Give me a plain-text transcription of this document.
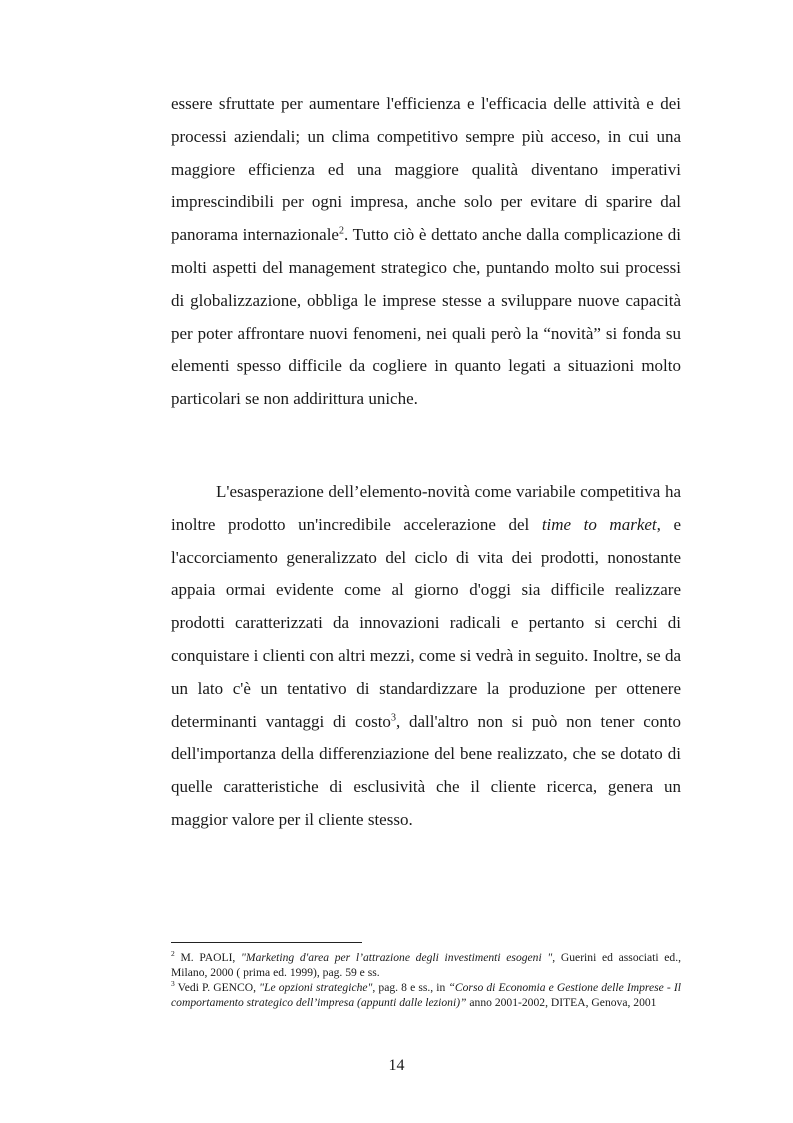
essere sfruttate per aumentare l'efficienza e l'efficacia delle attività e dei processi aziendali; un clima competitivo sempre più acceso, in cui una maggiore efficienza ed una maggiore qualità diventano imperativi imprescindibili per ogni impresa, anche solo per evitare di sparire dal panorama internazionale$^2$. Tutto ciò è dettato anche dalla complicazione di molti aspetti del management strategico che, puntando molto sui processi di globalizzazione, obbliga le imprese stesse a sviluppare nuove capacità per poter affrontare nuovi fenomeni, nei quali però la “novità” si fonda su elementi spesso difficile da cogliere in quanto legati a situazioni molto particolari se non addirittura uniche.

L'esasperazione dell’elemento-novità come variabile competitiva ha inoltre prodotto un'incredibile accelerazione del time to market, e l'accorciamento generalizzato del ciclo di vita dei prodotti, nonostante appaia ormai evidente come al giorno d'oggi sia difficile realizzare prodotti caratterizzati da innovazioni radicali e pertanto si cerchi di conquistare i clienti con altri mezzi, come si vedrà in seguito. Inoltre, se da un lato c'è un tentativo di standardizzare la produzione per ottenere determinanti vantaggi di costo$^3$, dall'altro non si può non tener conto dell'importanza della differenziazione del bene realizzato, che se dotato di quelle caratteristiche di esclusività che il cliente ricerca, genera un maggior valore per il cliente stesso.

$^2$ M. PAOLI, "Marketing d'area per l’attrazione degli investimenti esogeni ", Guerini ed associati ed., Milano, 2000 ( prima ed. 1999), pag. 59 e ss.

$^3$ Vedi P. GENCO, "Le opzioni strategiche", pag. 8 e ss., in “Corso di Economia e Gestione delle Imprese - Il comportamento strategico dell’impresa (appunti dalle lezioni)” anno 2001-2002, DITEA, Genova, 2001

14
